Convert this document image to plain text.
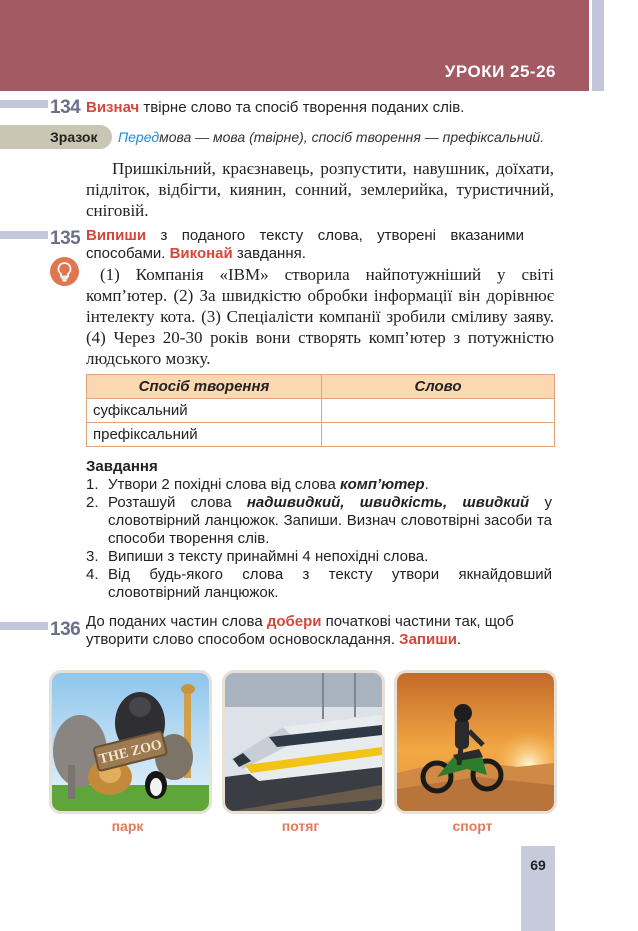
УРОКИ 25-26
134 Визнач твірне слово та спосіб творення поданих слів.
Зразок Передмова — мова (твірне), спосіб творення — префіксальний.
Пришкільний, краєзнавець, розпустити, навушник, доїхати, підліток, відбігти, киянин, сонний, землерийка, туристичний, сніговій.
135 Випиши з поданого тексту слова, утворені вказаними способами. Виконай завдання.
(1) Компанія «IBM» створила найпотужніший у світі комп’ютер. (2) За швидкістю обробки інформації він дорівнює інтелекту кота. (3) Спеціалісти компанії зробили сміливу заяву. (4) Через 20-30 років вони створять комп’ютер з потужністю людського мозку.
Спосіб творення	Слово
суфіксальний	
префіксальний	
Завдання
1. Утвори 2 похідні слова від слова комп’ютер.
2. Розташуй слова надшвидкий, швидкість, швидкий у словотвірний ланцюжок. Запиши. Визнач словотвірні засоби та способи творення слів.
3. Випиши з тексту принаймні 4 непохідні слова.
4. Від будь-якого слова з тексту утвори якнайдовший словотвірний ланцюжок.
136 До поданих частин слова добери початкові частини так, щоб утворити слово способом основоскладання. Запиши.
THE ZOO
парк	потяг	спорт
69
